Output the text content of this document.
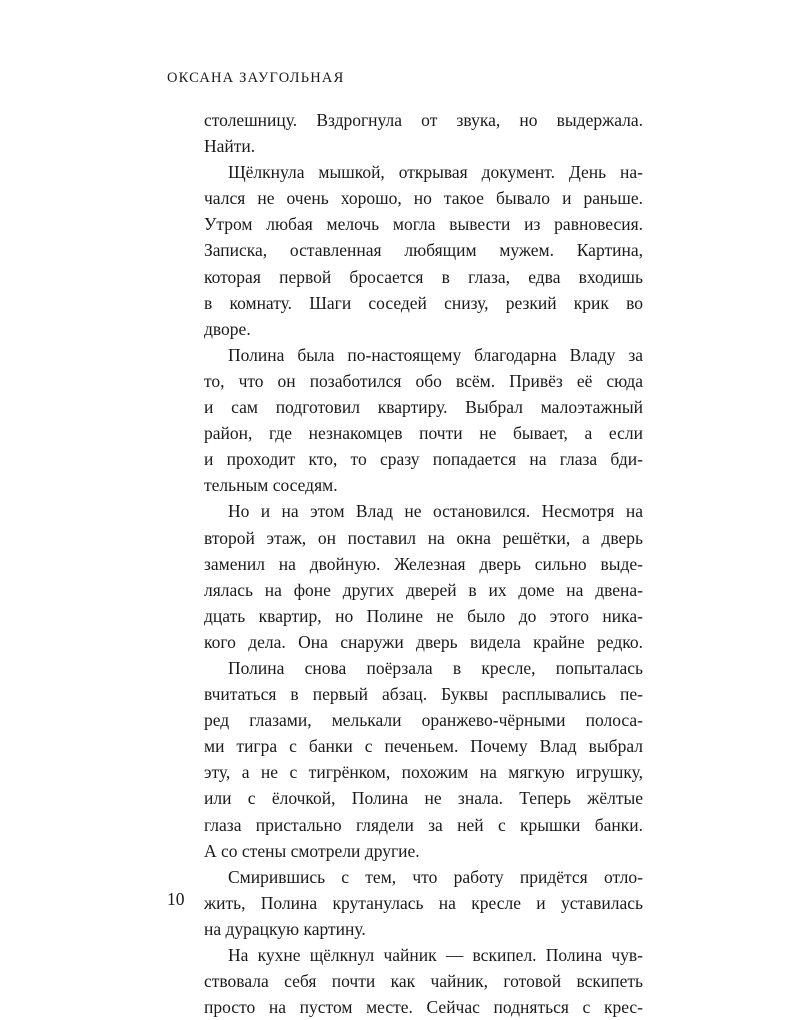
ОКСАНА ЗАУГОЛЬНАЯ
столешницу. Вздрогнула от звука, но выдержала.
Найти.
Щёлкнула мышкой, открывая документ. День на-
чался не очень хорошо, но такое бывало и раньше.
Утром любая мелочь могла вывести из равновесия.
Записка, оставленная любящим мужем. Картина,
которая первой бросается в глаза, едва входишь
в комнату. Шаги соседей снизу, резкий крик во
дворе.
Полина была по-настоящему благодарна Владу за
то, что он позаботился обо всём. Привёз её сюда
и сам подготовил квартиру. Выбрал малоэтажный
район, где незнакомцев почти не бывает, а если
и проходит кто, то сразу попадается на глаза бди-
тельным соседям.
Но и на этом Влад не остановился. Несмотря на
второй этаж, он поставил на окна решётки, а дверь
заменил на двойную. Железная дверь сильно выде-
лялась на фоне других дверей в их доме на двена-
дцать квартир, но Полине не было до этого ника-
кого дела. Она снаружи дверь видела крайне редко.
Полина снова поёрзала в кресле, попыталась
вчитаться в первый абзац. Буквы расплывались пе-
ред глазами, мелькали оранжево-чёрными полоса-
ми тигра с банки с печеньем. Почему Влад выбрал
эту, а не с тигрёнком, похожим на мягкую игрушку,
или с ёлочкой, Полина не знала. Теперь жёлтые
глаза пристально глядели за ней с крышки банки.
А со стены смотрели другие.
Смирившись с тем, что работу придётся отло-
жить, Полина крутанулась на кресле и уставилась
на дурацкую картину.
На кухне щёлкнул чайник — вскипел. Полина чув-
ствовала себя почти как чайник, готовой вскипеть
просто на пустом месте. Сейчас подняться с крес-
10
